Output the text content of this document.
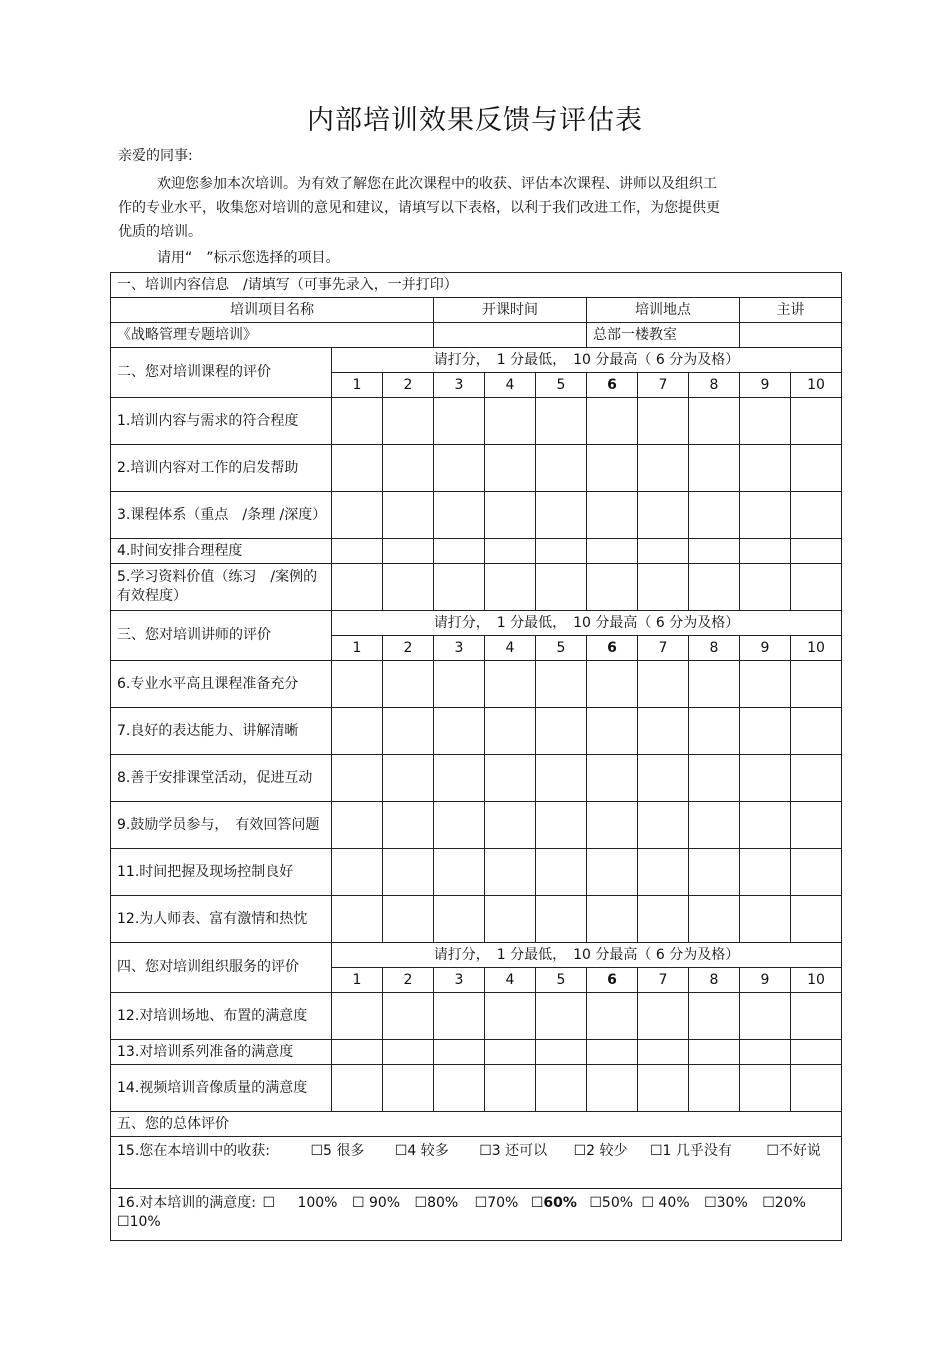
内部培训效果反馈与评估表
亲爱的同事:
欢迎您参加本次培训。为有效了解您在此次课程中的收获、评估本次课程、讲师以及组织工
作的专业水平，收集您对培训的意见和建议，请填写以下表格，以利于我们改进工作，为您提供更
优质的培训。
请用“　”标示您选择的项目。
一、培训内容信息　/请填写（可事先录入，一并打印）										
培训项目名称			开课时间			培训地点			主讲	
《战略管理专题培训》						总部一楼教室				
二、您对培训课程的评价	请打分，　1 分最低，　10 分最高（ 6 分为及格）									
	1	2	3	4	5	6	7	8	9	10
1.培训内容与需求的符合程度										
2.培训内容对工作的启发帮助										
3.课程体系（重点　/条理 /深度）										
4.时间安排合理程度										
5.学习资料价值（练习　/案例的有效程度）										
三、您对培训讲师的评价	请打分，　1 分最低，　10 分最高（ 6 分为及格）									
	1	2	3	4	5	6	7	8	9	10
6.专业水平高且课程准备充分										
7.良好的表达能力、讲解清晰										
8.善于安排课堂活动，促进互动										
9.鼓励学员参与，　有效回答问题										
11.时间把握及现场控制良好										
12.为人师表、富有激情和热忱										
四、您对培训组织服务的评价	请打分，　1 分最低，　10 分最高（ 6 分为及格）									
	1	2	3	4	5	6	7	8	9	10
12.对培训场地、布置的满意度										
13.对培训系列准备的满意度										
14.视频培训音像质量的满意度										
五、您的总体评价										
15.您在本培训中的收获: ☐5 很多 ☐4 较多 ☐3 还可以 ☐2 较少 ☐1 几乎没有 ☐不好说										
16.对本培训的满意度: ☐ 100% ☐ 90% ☐80% ☐70% ☐60% ☐50% ☐ 40% ☐30% ☐20%
☐10%										
